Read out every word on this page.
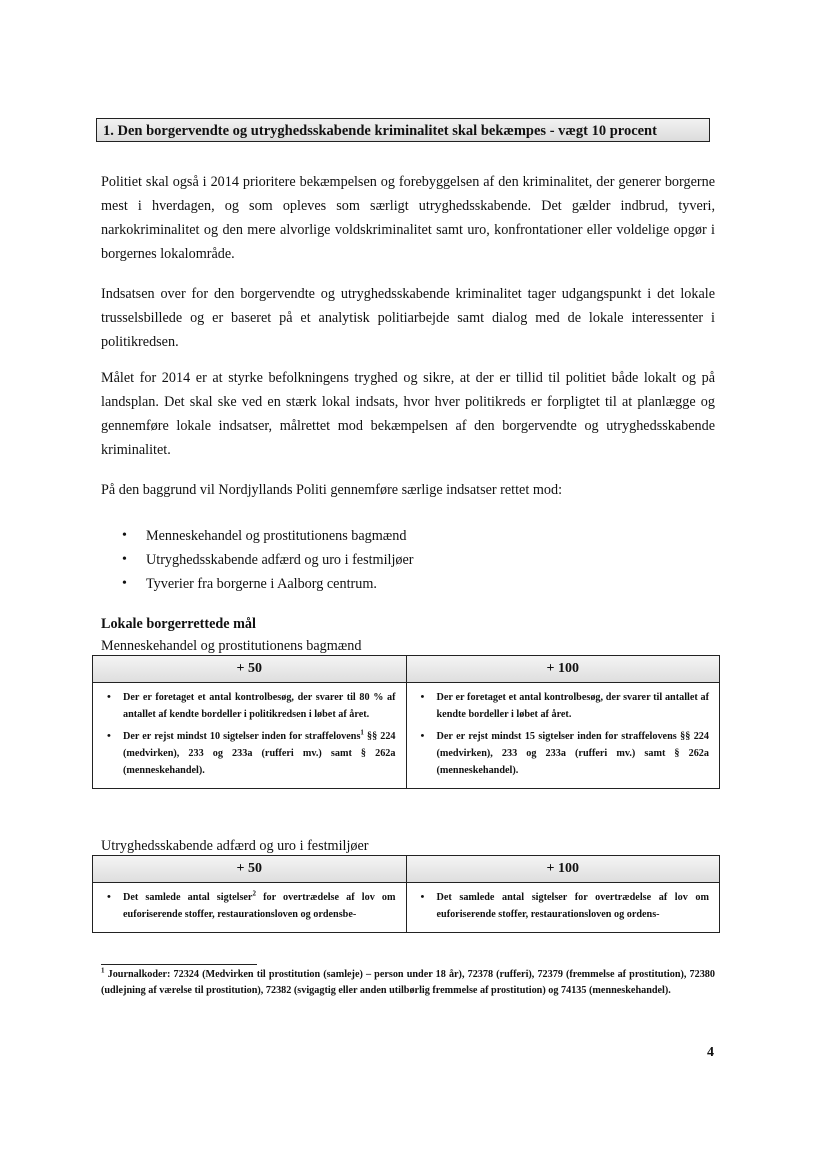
1. Den borgervendte og utryghedsskabende kriminalitet skal bekæmpes - vægt 10 procent

Politiet skal også i 2014 prioritere bekæmpelsen og forebyggelsen af den kriminalitet, der generer borgerne mest i hverdagen, og som opleves som særligt utryghedsskabende. Det gælder indbrud, tyveri, narkokriminalitet og den mere alvorlige voldskriminalitet samt uro, konfrontationer eller voldelige opgør i borgernes lokalområde.

Indsatsen over for den borgervendte og utryghedsskabende kriminalitet tager udgangspunkt i det lokale trusselsbillede og er baseret på et analytisk politiarbejde samt dialog med de lokale interessenter i politikredsen.

Målet for 2014 er at styrke befolkningens tryghed og sikre, at der er tillid til politiet både lokalt og på landsplan. Det skal ske ved en stærk lokal indsats, hvor hver politikreds er forpligtet til at planlægge og gennemføre lokale indsatser, målrettet mod bekæmpelsen af den borgervendte og utryghedsskabende kriminalitet.

På den baggrund vil Nordjyllands Politi gennemføre særlige indsatser rettet mod:

• Menneskehandel og prostitutionens bagmænd
• Utryghedsskabende adfærd og uro i festmiljøer
• Tyverier fra borgerne i Aalborg centrum.

Lokale borgerrettede mål

Menneskehandel og prostitutionens bagmænd

+ 50	+ 100
• Der er foretaget et antal kontrolbesøg, der svarer til 80 % af antallet af kendte bordeller i politikredsen i løbet af året.
• Der er rejst mindst 10 sigtelser inden for straffelovens$^1$ §§ 224 (medvirken), 233 og 233a (rufferi mv.) samt § 262a (menneskehandel).
• Der er foretaget et antal kontrolbesøg, der svarer til antallet af kendte bordeller i løbet af året.
• Der er rejst mindst 15 sigtelser inden for straffelovens §§ 224 (medvirken), 233 og 233a (rufferi mv.) samt § 262a (menneskehandel).

Utryghedsskabende adfærd og uro i festmiljøer

+ 50	+ 100
• Det samlede antal sigtelser$^2$ for overtrædelse af lov om euforiserende stoffer, restaurationsloven og ordensbe-
• Det samlede antal sigtelser for overtrædelse af lov om euforiserende stoffer, restaurationsloven og ordens-

$^1$ Journalkoder: 72324 (Medvirken til prostitution (samleje) – person under 18 år), 72378 (rufferi), 72379 (fremmelse af prostitution), 72380 (udlejning af værelse til prostitution), 72382 (svigagtig eller anden utilbørlig fremmelse af prostitution) og 74135 (menneskehandel).

4
